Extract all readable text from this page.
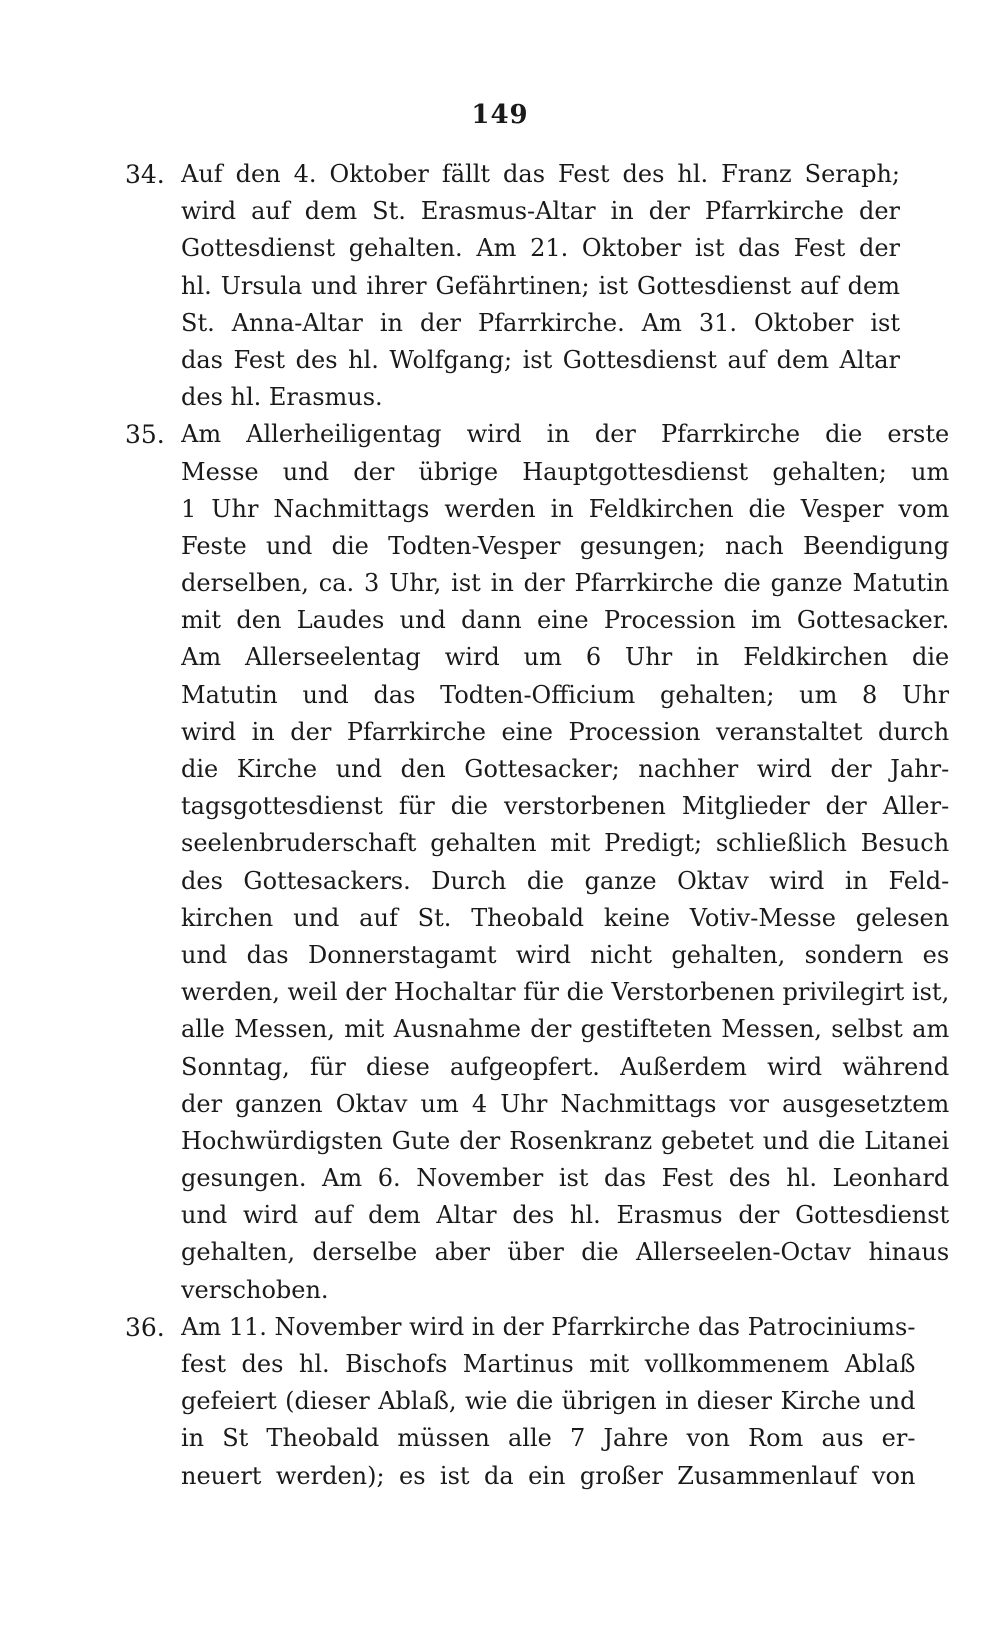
149
34. Auf den 4. Oktober fällt das Fest des hl. Franz Seraph;
wird auf dem St. Erasmus-Altar in der Pfarrkirche der
Gottesdienst gehalten. Am 21. Oktober ist das Fest der
hl. Ursula und ihrer Gefährtinen; ist Gottesdienst auf dem
St. Anna-Altar in der Pfarrkirche. Am 31. Oktober ist
das Fest des hl. Wolfgang; ist Gottesdienst auf dem Altar
des hl. Erasmus.
35. Am Allerheiligentag wird in der Pfarrkirche die erste
Messe und der übrige Hauptgottesdienst gehalten; um
1 Uhr Nachmittags werden in Feldkirchen die Vesper vom
Feste und die Todten-Vesper gesungen; nach Beendigung
derselben, ca. 3 Uhr, ist in der Pfarrkirche die ganze Matutin
mit den Laudes und dann eine Procession im Gottesacker.
Am Allerseelentag wird um 6 Uhr in Feldkirchen die
Matutin und das Todten-Officium gehalten; um 8 Uhr
wird in der Pfarrkirche eine Procession veranstaltet durch
die Kirche und den Gottesacker; nachher wird der Jahr-
tagsgottesdienst für die verstorbenen Mitglieder der Aller-
seelenbruderschaft gehalten mit Predigt; schließlich Besuch
des Gottesackers. Durch die ganze Oktav wird in Feld-
kirchen und auf St. Theobald keine Votiv-Messe gelesen
und das Donnerstagamt wird nicht gehalten, sondern es
werden, weil der Hochaltar für die Verstorbenen privilegirt ist,
alle Messen, mit Ausnahme der gestifteten Messen, selbst am
Sonntag, für diese aufgeopfert. Außerdem wird während
der ganzen Oktav um 4 Uhr Nachmittags vor ausgesetztem
Hochwürdigsten Gute der Rosenkranz gebetet und die Litanei
gesungen. Am 6. November ist das Fest des hl. Leonhard
und wird auf dem Altar des hl. Erasmus der Gottesdienst
gehalten, derselbe aber über die Allerseelen-Octav hinaus
verschoben.
36. Am 11. November wird in der Pfarrkirche das Patrociniums-
fest des hl. Bischofs Martinus mit vollkommenem Ablaß
gefeiert (dieser Ablaß, wie die übrigen in dieser Kirche und
in St Theobald müssen alle 7 Jahre von Rom aus er-
neuert werden); es ist da ein großer Zusammenlauf von
